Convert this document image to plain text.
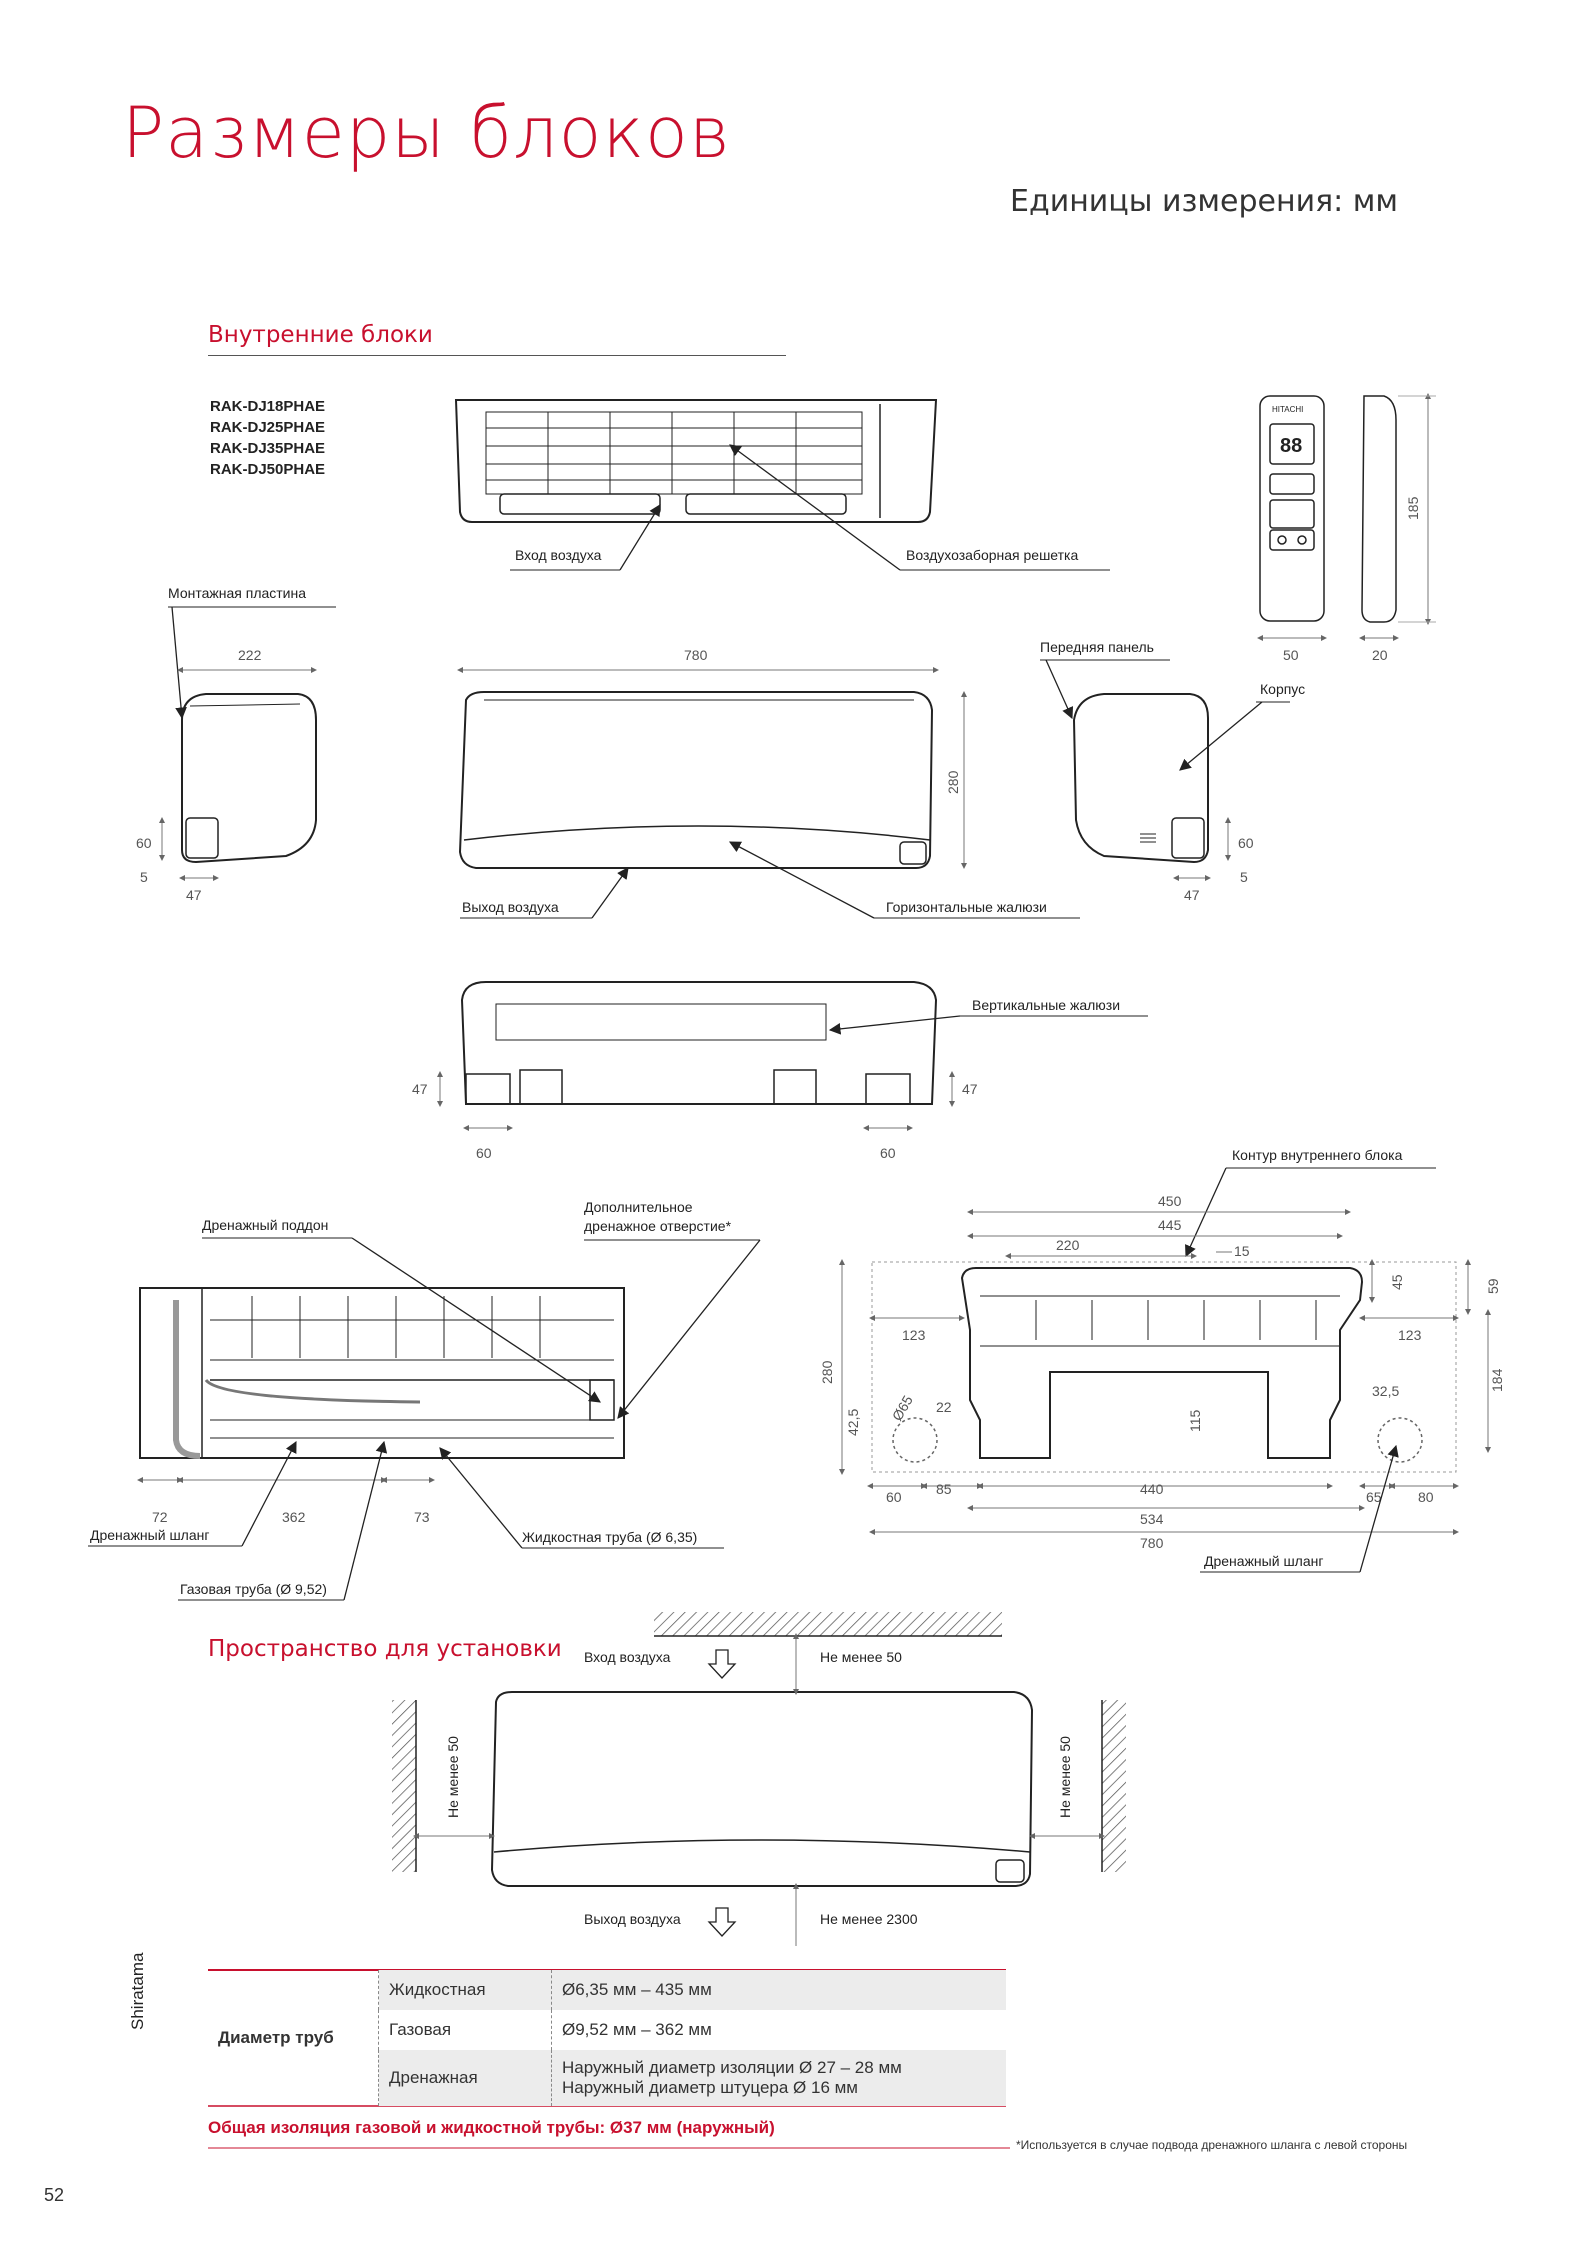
Размеры блоков
Единицы измерения: мм
Внутренние блоки
RAK-DJ18PHAE
RAK-DJ25PHAE
RAK-DJ35PHAE
RAK-DJ50PHAE
Вход воздуха	Воздухозаборная решетка
HITACHI
88
185
50	20
Монтажная пластина
222
60
5
47
780
280
Выход воздуха	Горизонтальные жалюзи
Передняя панель
Корпус
60
5
47
Вертикальные жалюзи
47	47
60	60
Дренажный поддон
Дополнительное
дренажное отверстие*
72	362	73
Дренажный шланг
Газовая труба (Ø 9,52)
Жидкостная труба (Ø 6,35)
Контур внутреннего блока
450
445
220	15
45	59
123	123
280	184
22
32,5
42,5	115
Ø65
60 85	440	65	80
534
780
Дренажный шланг
Вход воздуха	Не менее 50
Не менее 50	Не менее 50
Выход воздуха	Не менее 2300
Пространство для установки
Shiratama
Диаметр труб	Жидкостная	Ø6,35 мм – 435 мм
	Газовая	Ø9,52 мм – 362 мм
	Дренажная	Наружный диаметр изоляции Ø 27 – 28 мм
Наружный диаметр штуцера Ø 16 мм
Общая изоляция газовой и жидкостной трубы: Ø37 мм (наружный)
*Используется в случае подвода дренажного шланга с левой стороны
52
